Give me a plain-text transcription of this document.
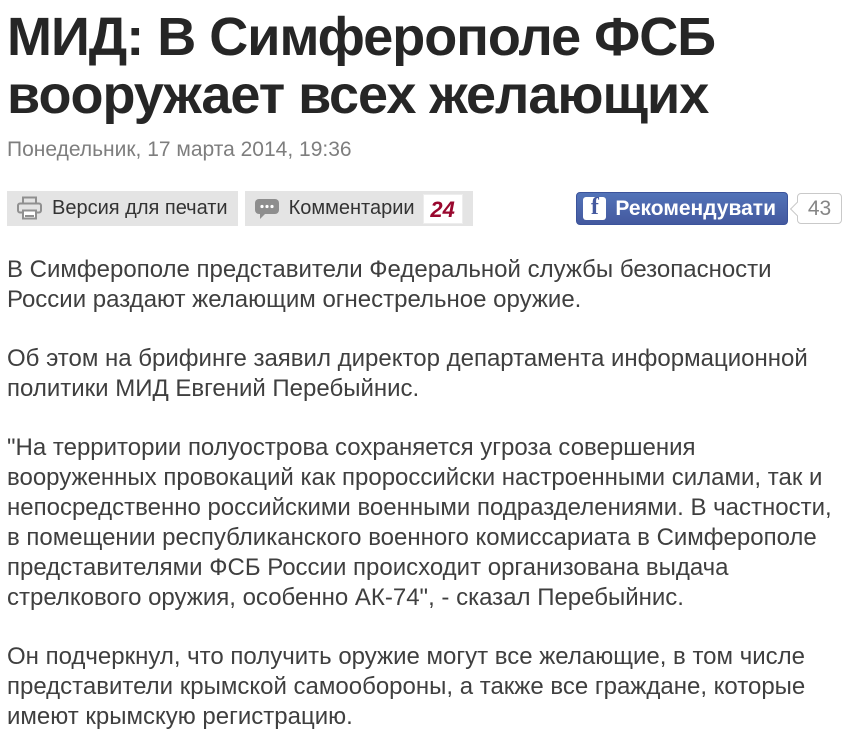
МИД: В Симферополе ФСБ вооружает всех желающих
Понедельник, 17 марта 2014, 19:36
Версия для печати	Комментарии 24	f Рекомендувати 43

В Симферополе представители Федеральной службы безопасности России раздают желающим огнестрельное оружие.

Об этом на брифинге заявил директор департамента информационной политики МИД Евгений Перебыйнис.

"На территории полуострова сохраняется угроза совершения вооруженных провокаций как пророссийски настроенными силами, так и непосредственно российскими военными подразделениями. В частности, в помещении республиканского военного комиссариата в Симферополе представителями ФСБ России происходит организована выдача стрелкового оружия, особенно АК-74", - сказал Перебыйнис.

Он подчеркнул, что получить оружие могут все желающие, в том числе представители крымской самообороны, а также все граждане, которые имеют крымскую регистрацию.
